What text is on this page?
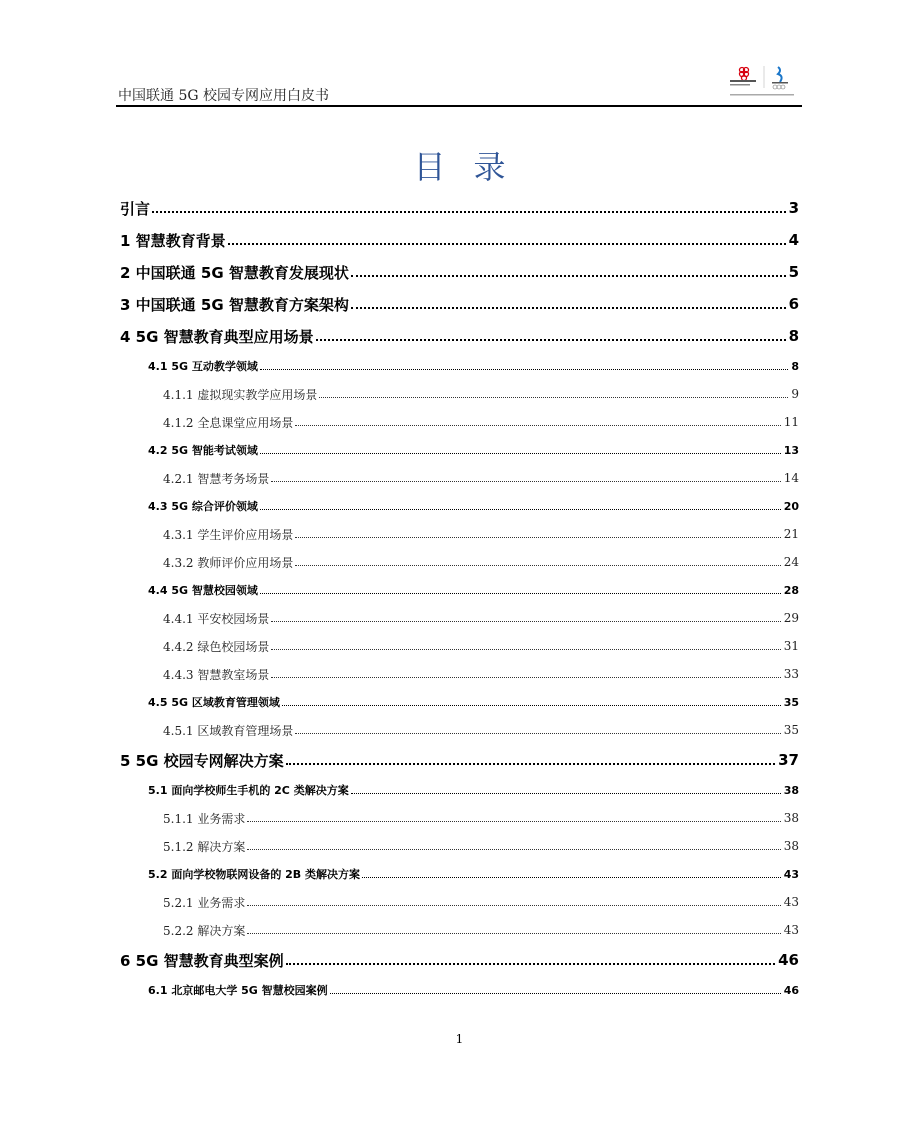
中国联通 5G 校园专网应用白皮书
目录
引言	3
1 智慧教育背景	4
2 中国联通 5G 智慧教育发展现状	5
3 中国联通 5G 智慧教育方案架构	6
4 5G 智慧教育典型应用场景	8
4.1 5G 互动教学领域	8
4.1.1 虚拟现实教学应用场景	9
4.1.2 全息课堂应用场景	11
4.2 5G 智能考试领域	13
4.2.1 智慧考务场景	14
4.3 5G 综合评价领域	20
4.3.1 学生评价应用场景	21
4.3.2 教师评价应用场景	24
4.4 5G 智慧校园领域	28
4.4.1 平安校园场景	29
4.4.2 绿色校园场景	31
4.4.3 智慧教室场景	33
4.5 5G 区域教育管理领域	35
4.5.1 区域教育管理场景	35
5 5G 校园专网解决方案	37
5.1 面向学校师生手机的 2C 类解决方案	38
5.1.1 业务需求	38
5.1.2 解决方案	38
5.2 面向学校物联网设备的 2B 类解决方案	43
5.2.1 业务需求	43
5.2.2 解决方案	43
6 5G 智慧教育典型案例	46
6.1 北京邮电大学 5G 智慧校园案例	46
1
